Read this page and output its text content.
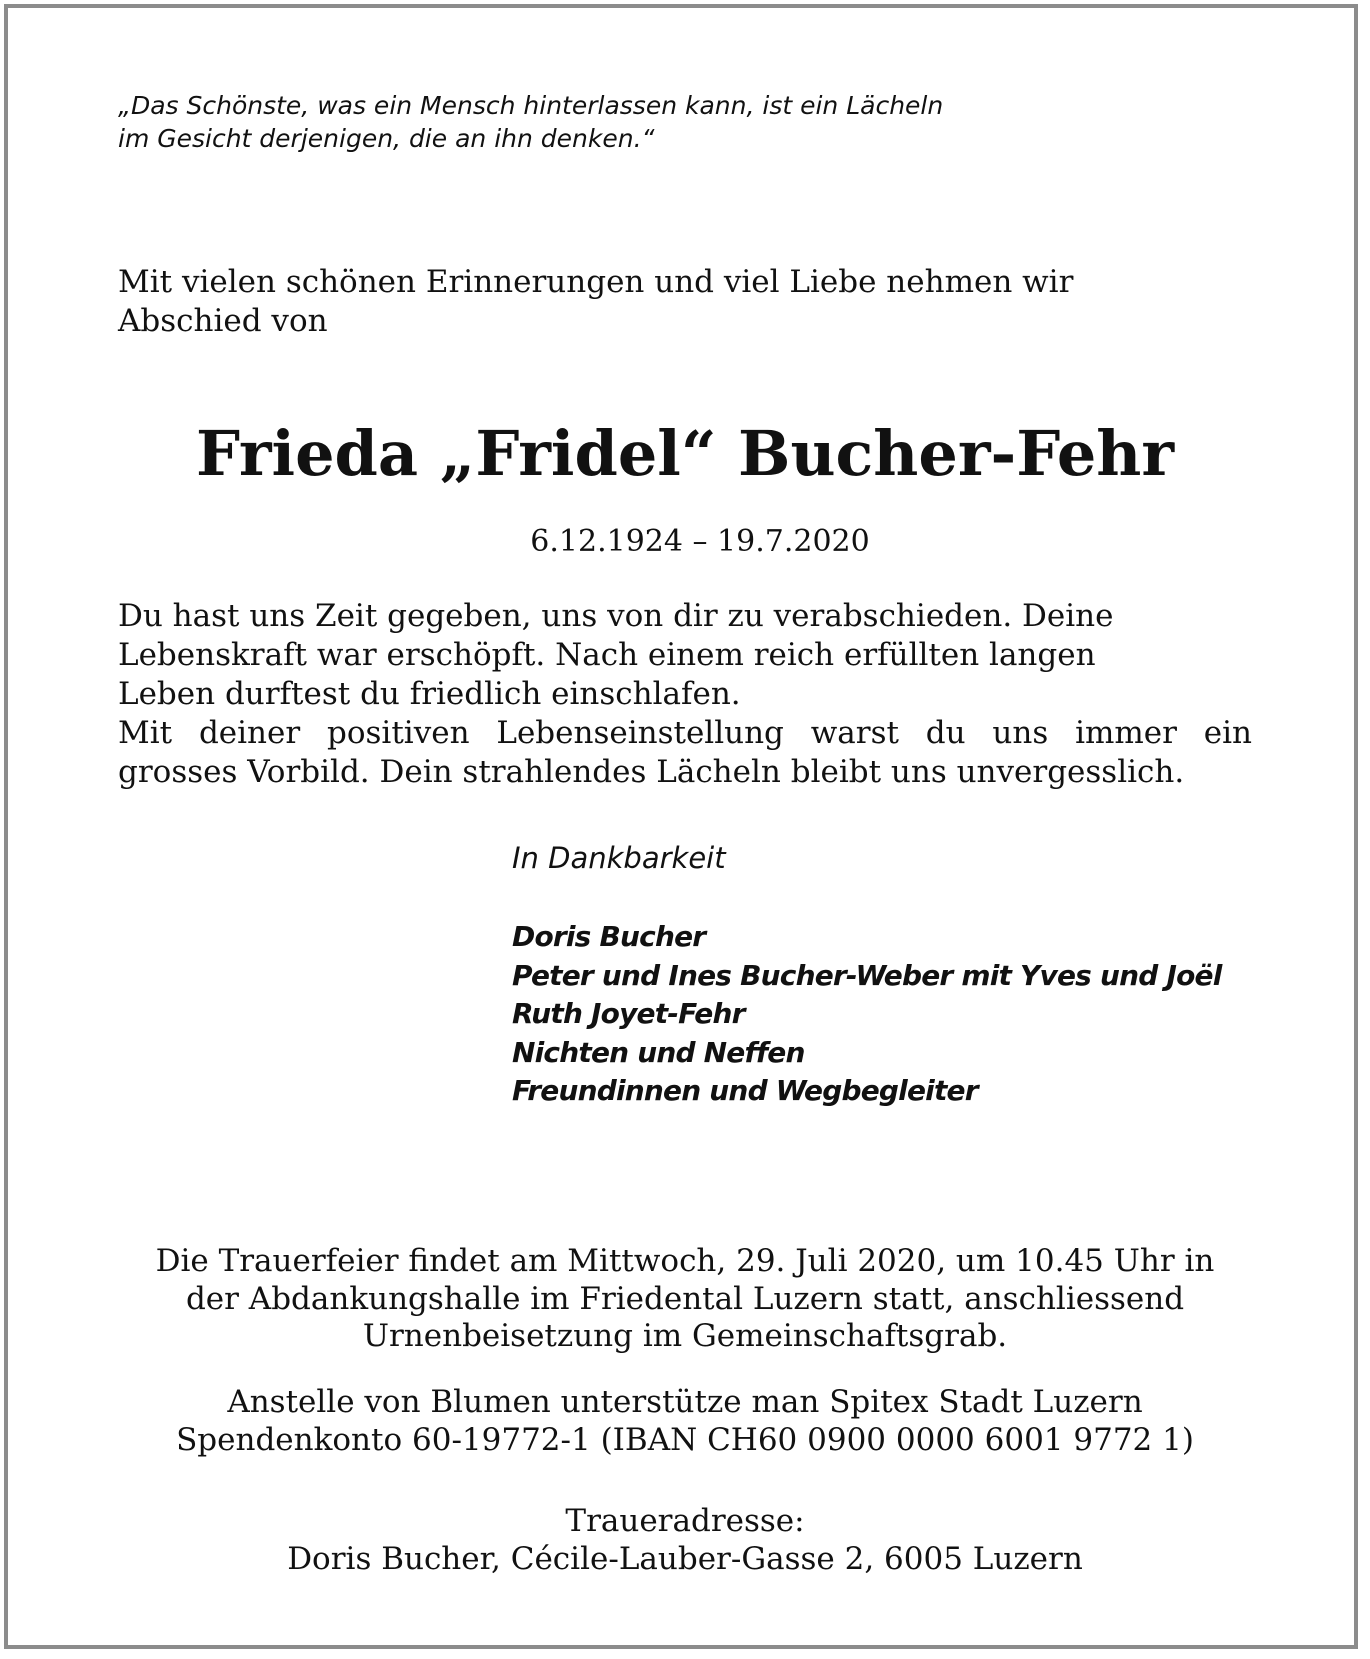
„Das Schönste, was ein Mensch hinterlassen kann, ist ein Lächeln
im Gesicht derjenigen, die an ihn denken.“

Mit vielen schönen Erinnerungen und viel Liebe nehmen wir
Abschied von

Frieda „Fridel“ Bucher-Fehr

6.12.1924 – 19.7.2020

Du hast uns Zeit gegeben, uns von dir zu verabschieden. Deine
Lebenskraft war erschöpft. Nach einem reich erfüllten langen
Leben durftest du friedlich einschlafen.
Mit deiner positiven Lebenseinstellung warst du uns immer ein
grosses Vorbild. Dein strahlendes Lächeln bleibt uns unvergesslich.

In Dankbarkeit

Doris Bucher
Peter und Ines Bucher-Weber mit Yves und Joël
Ruth Joyet-Fehr
Nichten und Neffen
Freundinnen und Wegbegleiter

Die Trauerfeier findet am Mittwoch, 29. Juli 2020, um 10.45 Uhr in
der Abdankungshalle im Friedental Luzern statt, anschliessend
Urnenbeisetzung im Gemeinschaftsgrab.

Anstelle von Blumen unterstütze man Spitex Stadt Luzern
Spendenkonto 60-19772-1 (IBAN CH60 0900 0000 6001 9772 1)

Traueradresse:
Doris Bucher, Cécile-Lauber-Gasse 2, 6005 Luzern
